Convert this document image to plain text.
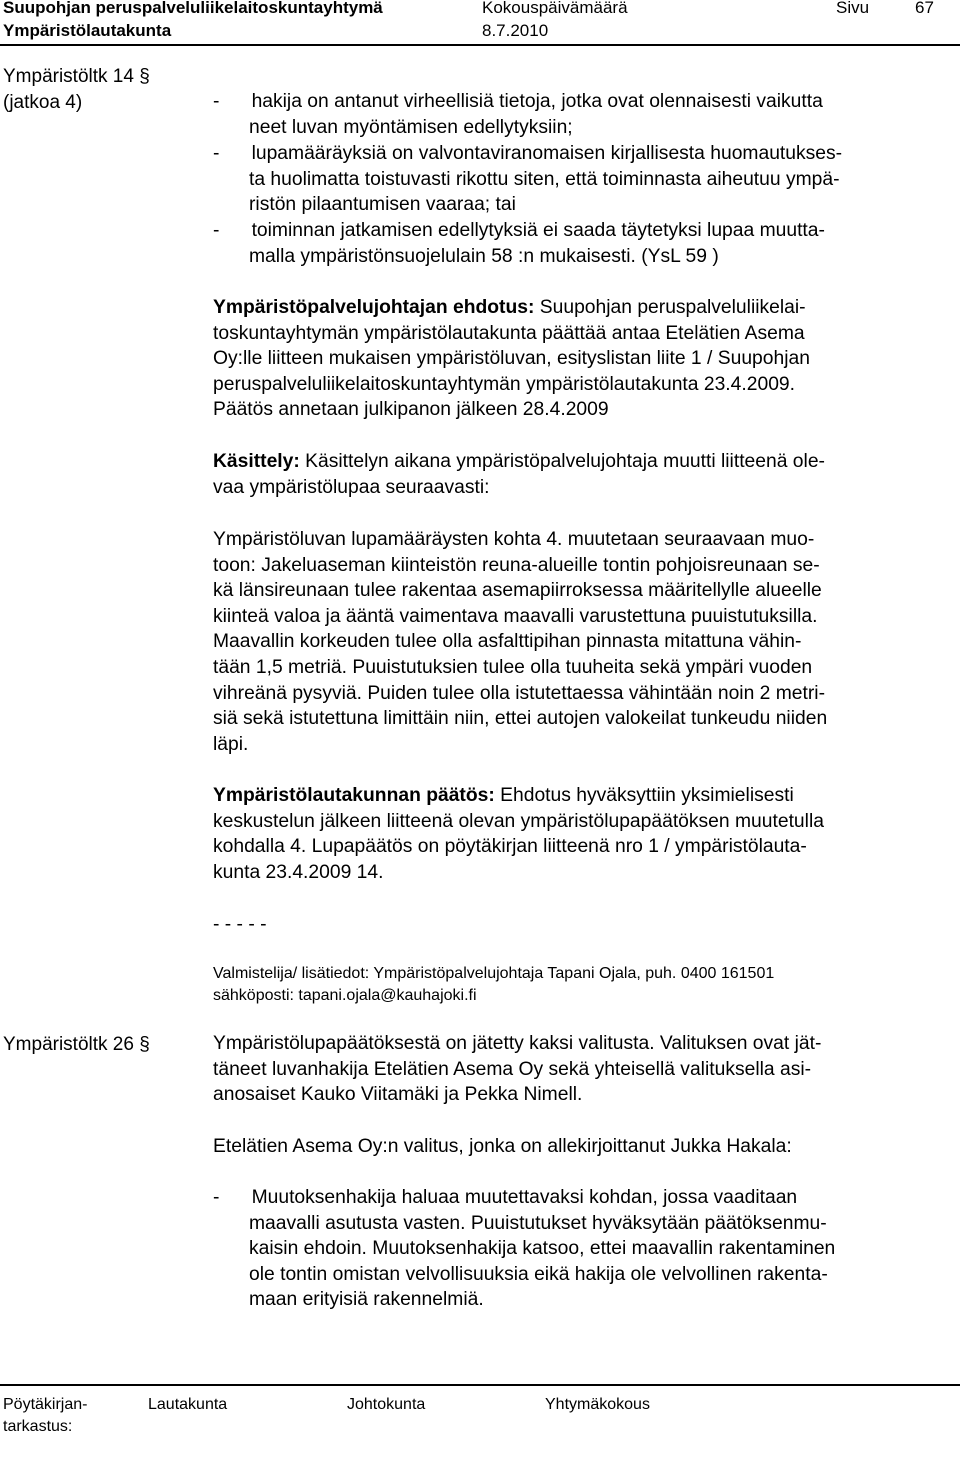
Suupohjan peruspalveluliikelaitoskuntayhtymä	Kokouspäivämäärä	Sivu	67
Ympäristölautakunta	8.7.2010
Ympäristöltk 14 §
(jatkoa 4)	-      hakija on antanut virheellisiä tietoja, jotka ovat olennaisesti vaikutta
neet luvan myöntämisen edellytyksiin;
-      lupamääräyksiä on valvontaviranomaisen kirjallisesta huomautukses-
ta huolimatta toistuvasti rikottu siten, että toiminnasta aiheutuu ympä-
ristön pilaantumisen vaaraa; tai
-      toiminnan jatkamisen edellytyksiä ei saada täytetyksi lupaa muutta-
malla ympäristönsuojelulain 58 :n mukaisesti. (YsL 59 )
Ympäristöpalvelujohtajan ehdotus: Suupohjan peruspalveluliikelai-
toskuntayhtymän ympäristölautakunta päättää antaa Etelätien Asema
Oy:lle liitteen mukaisen ympäristöluvan, esityslistan liite 1 / Suupohjan
peruspalveluliikelaitoskuntayhtymän ympäristölautakunta 23.4.2009.
Päätös annetaan julkipanon jälkeen 28.4.2009
Käsittely: Käsittelyn aikana ympäristöpalvelujohtaja muutti liitteenä ole-
vaa ympäristölupaa seuraavasti:
Ympäristöluvan lupamääräysten kohta 4. muutetaan seuraavaan muo-
toon: Jakeluaseman kiinteistön reuna-alueille tontin pohjoisreunaan se-
kä länsireunaan tulee rakentaa asemapiirroksessa määritellylle alueelle
kiinteä valoa ja ääntä vaimentava maavalli varustettuna puuistutuksilla.
Maavallin korkeuden tulee olla asfalttipihan pinnasta mitattuna vähin-
tään 1,5 metriä. Puuistutuksien tulee olla tuuheita sekä ympäri vuoden
vihreänä pysyviä. Puiden tulee olla istutettaessa vähintään noin 2 metri-
siä sekä istutettuna limittäin niin, ettei autojen valokeilat tunkeudu niiden
läpi.
Ympäristölautakunnan päätös: Ehdotus hyväksyttiin yksimielisesti
keskustelun jälkeen liitteenä olevan ympäristölupapäätöksen muutetulla
kohdalla 4. Lupapäätös on pöytäkirjan liitteenä nro 1 / ympäristölauta-
kunta 23.4.2009 14.
- - - - -
Valmistelija/ lisätiedot: Ympäristöpalvelujohtaja Tapani Ojala, puh. 0400 161501
sähköposti: tapani.ojala@kauhajoki.fi
Ympäristöltk 26 §	Ympäristölupapäätöksestä on jätetty kaksi valitusta. Valituksen ovat jät-
täneet luvanhakija Etelätien Asema Oy sekä yhteisellä valituksella asi-
anosaiset Kauko Viitamäki ja Pekka Nimell.
Etelätien Asema Oy:n valitus, jonka on allekirjoittanut Jukka Hakala:
-      Muutoksenhakija haluaa muutettavaksi kohdan, jossa vaaditaan
maavalli asutusta vasten. Puuistutukset hyväksytään päätöksenmu-
kaisin ehdoin. Muutoksenhakija katsoo, ettei maavallin rakentaminen
ole tontin omistan velvollisuuksia eikä hakija ole velvollinen rakenta-
maan erityisiä rakennelmiä.
Pöytäkirjan-
tarkastus:
Lautakunta	Johtokunta	Yhtymäkokous
